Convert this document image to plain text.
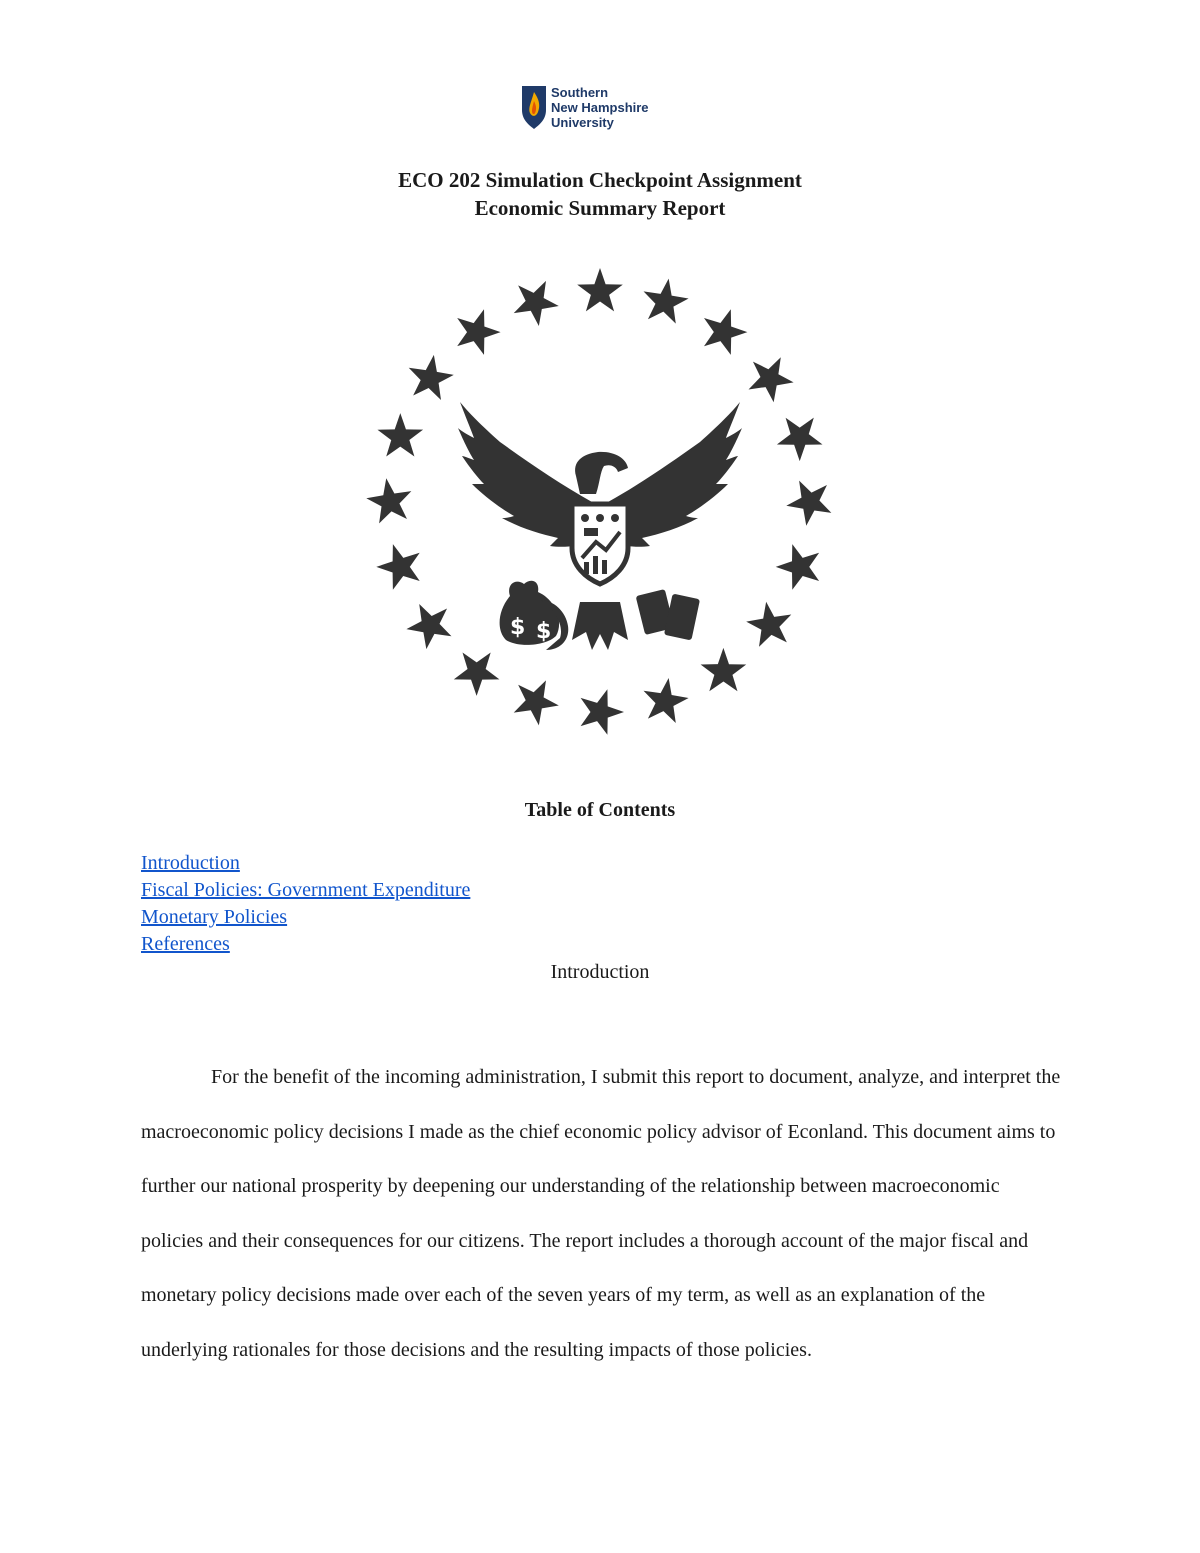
Southern
New Hampshire
University
ECO 202 Simulation Checkpoint Assignment
Economic Summary Report
$ $
Table of Contents
Introduction
Fiscal Policies: Government Expenditure
Monetary Policies
References
Introduction

For the benefit of the incoming administration, I submit this report to document, analyze, and interpret the macroeconomic policy decisions I made as the chief economic policy advisor of Econland. This document aims to further our national prosperity by deepening our understanding of the relationship between macroeconomic policies and their consequences for our citizens. The report includes a thorough account of the major fiscal and monetary policy decisions made over each of the seven years of my term, as well as an explanation of the underlying rationales for those decisions and the resulting impacts of those policies.
